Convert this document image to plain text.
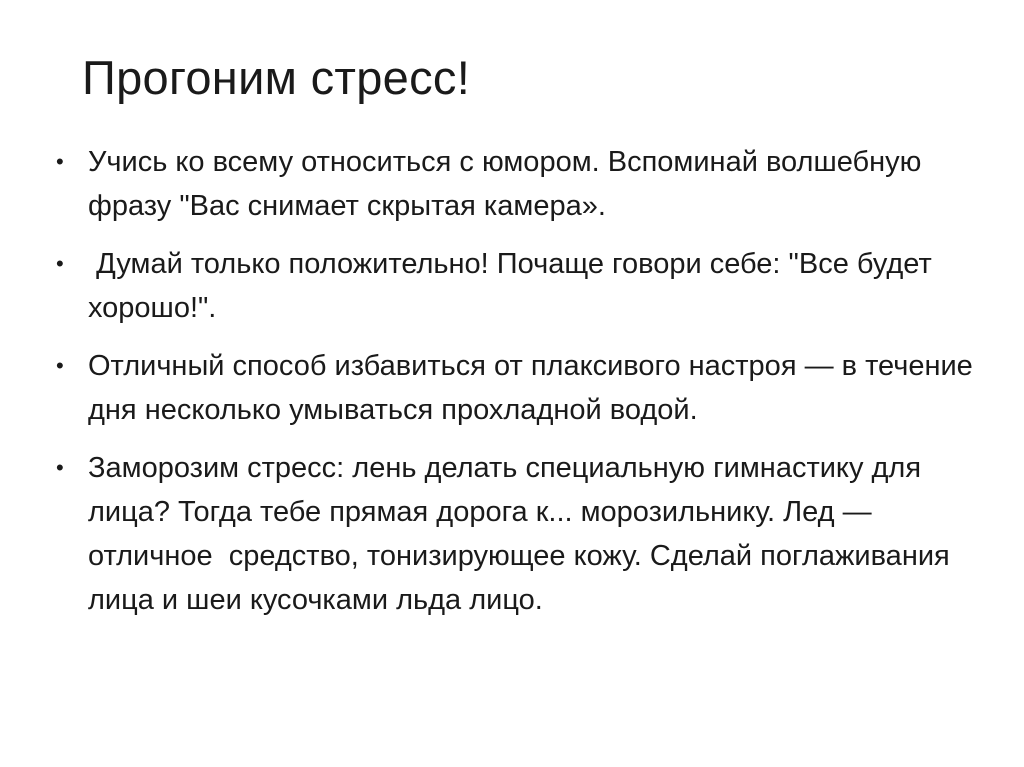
Прогоним стресс!
• Учись ко всему относиться с юмором. Вспоминай волшебную фразу "Вас снимает скрытая камера».
• Думай только положительно! Почаще говори себе: "Все будет хорошо!".
• Отличный способ избавиться от плаксивого настроя — в течение дня несколько умываться прохладной водой.
• Заморозим стресс: лень делать специальную гимнастику для лица? Тогда тебе прямая дорога к... морозильнику. Лед — отличное  средство, тонизирующее кожу. Сделай поглаживания лица и шеи кусочками льда лицо.
